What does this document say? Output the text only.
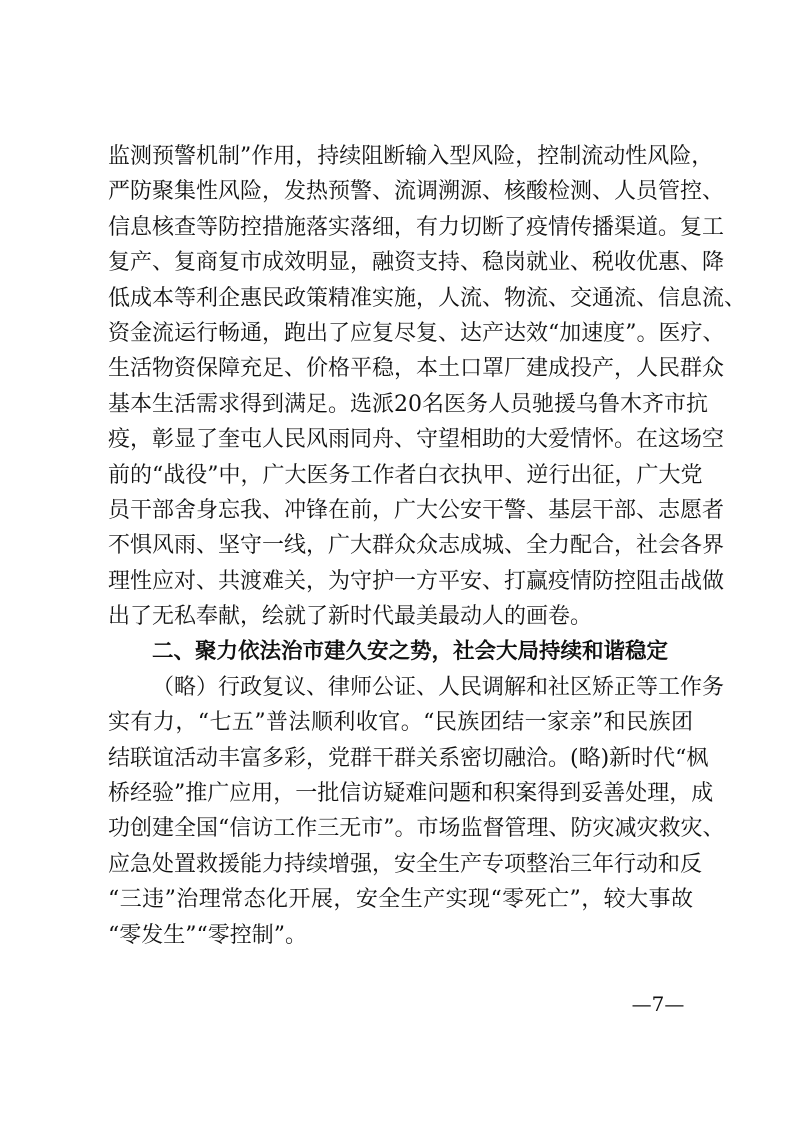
监测预警机制”作用，持续阻断输入型风险，控制流动性风险，
严防聚集性风险，发热预警、流调溯源、核酸检测、人员管控、
信息核查等防控措施落实落细，有力切断了疫情传播渠道。复工
复产、复商复市成效明显，融资支持、稳岗就业、税收优惠、降
低成本等利企惠民政策精准实施，人流、物流、交通流、信息流、
资金流运行畅通，跑出了应复尽复、达产达效“加速度”。医疗、
生活物资保障充足、价格平稳，本土口罩厂建成投产，人民群众
基本生活需求得到满足。选派20名医务人员驰援乌鲁木齐市抗
疫，彰显了奎屯人民风雨同舟、守望相助的大爱情怀。在这场空
前的“战役”中，广大医务工作者白衣执甲、逆行出征，广大党
员干部舍身忘我、冲锋在前，广大公安干警、基层干部、志愿者
不惧风雨、坚守一线，广大群众众志成城、全力配合，社会各界
理性应对、共渡难关，为守护一方平安、打赢疫情防控阻击战做
出了无私奉献，绘就了新时代最美最动人的画卷。
二、聚力依法治市建久安之势，社会大局持续和谐稳定
（略）行政复议、律师公证、人民调解和社区矫正等工作务
实有力，“七五”普法顺利收官。“民族团结一家亲”和民族团
结联谊活动丰富多彩，党群干群关系密切融洽。(略)新时代“枫
桥经验”推广应用，一批信访疑难问题和积案得到妥善处理，成
功创建全国“信访工作三无市”。市场监督管理、防灾减灾救灾、
应急处置救援能力持续增强，安全生产专项整治三年行动和反
“三违”治理常态化开展，安全生产实现“零死亡”，较大事故
“零发生”“零控制”。
—7—
